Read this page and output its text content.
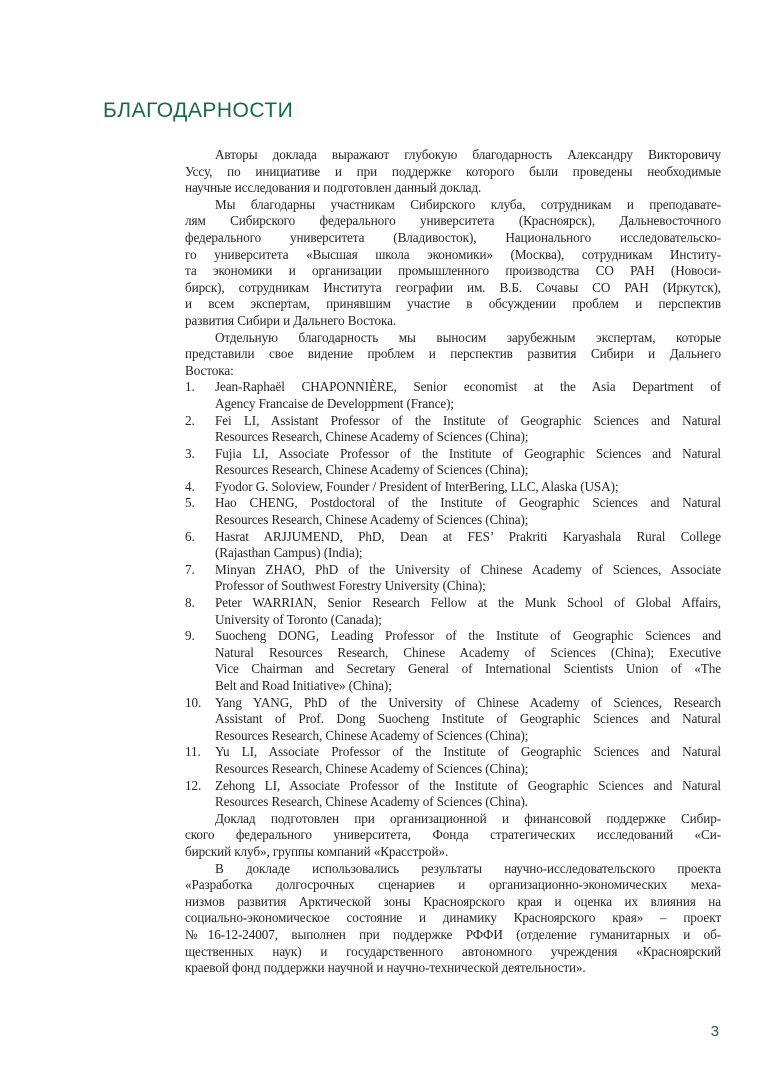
БЛАГОДАРНОСТИ
Авторы доклада выражают глубокую благодарность Александру Викторовичу
Уссу, по инициативе и при поддержке которого были проведены необходимые
научные исследования и подготовлен данный доклад.
Мы благодарны участникам Сибирского клуба, сотрудникам и преподавате-
лям Сибирского федерального университета (Красноярск), Дальневосточного
федерального университета (Владивосток), Национального исследовательско-
го университета «Высшая школа экономики» (Москва), сотрудникам Институ-
та экономики и организации промышленного производства СО РАН (Новоси-
бирск), сотрудникам Института географии им. В.Б. Сочавы СО РАН (Иркутск),
и всем экспертам, принявшим участие в обсуждении проблем и перспектив
развития Сибири и Дальнего Востока.
Отдельную благодарность мы выносим зарубежным экспертам, которые
представили свое видение проблем и перспектив развития Сибири и Дальнего
Востока:
1.	Jean-Raphaël CHAPONNIÈRE, Senior economist at the Asia Department of
Agency Francaise de Developpment (France);
2.	Fei LI, Assistant Professor of the Institute of Geographic Sciences and Natural
Resources Research, Chinese Academy of Sciences (China);
3.	Fujia LI, Associate Professor of the Institute of Geographic Sciences and Natural
Resources Research, Chinese Academy of Sciences (China);
4.	Fyodor G. Soloview, Founder / President of InterBering, LLC, Alaska (USA);
5.	Hao CHENG, Postdoctoral of the Institute of Geographic Sciences and Natural
Resources Research, Chinese Academy of Sciences (China);
6.	Hasrat ARJJUMEND, PhD, Dean at FES’ Prakriti Karyashala Rural College
(Rajasthan Campus) (India);
7.	Minyan ZHAO, PhD of the University of Chinese Academy of Sciences, Associate
Professor of Southwest Forestry University (China);
8.	Peter WARRIAN, Senior Research Fellow at the Munk School of Global Affairs,
University of Toronto (Canada);
9.	Suocheng DONG, Leading Professor of the Institute of Geographic Sciences and
Natural Resources Research, Chinese Academy of Sciences (China); Executive
Vice Chairman and Secretary General of International Scientists Union of «The
Belt and Road Initiative» (China);
10.	Yang YANG, PhD of the University of Chinese Academy of Sciences, Research
Assistant of Prof. Dong Suocheng Institute of Geographic Sciences and Natural
Resources Research, Chinese Academy of Sciences (China);
11.	Yu LI, Associate Professor of the Institute of Geographic Sciences and Natural
Resources Research, Chinese Academy of Sciences (China);
12.	Zehong LI, Associate Professor of the Institute of Geographic Sciences and Natural
Resources Research, Chinese Academy of Sciences (China).
Доклад подготовлен при организационной и финансовой поддержке Сибир-
ского федерального университета, Фонда стратегических исследований «Си-
бирский клуб», группы компаний «Красстрой».
В докладе использовались результаты научно-исследовательского проекта
«Разработка долгосрочных сценариев и организационно-экономических меха-
низмов развития Арктической зоны Красноярского края и оценка их влияния на
социально-экономическое состояние и динамику Красноярского края» – проект
№16-12-24007, выполнен при поддержке РФФИ (отделение гуманитарных и об-
щественных наук) и государственного автономного учреждения «Красноярский
краевой фонд поддержки научной и научно-технической деятельности».
3
